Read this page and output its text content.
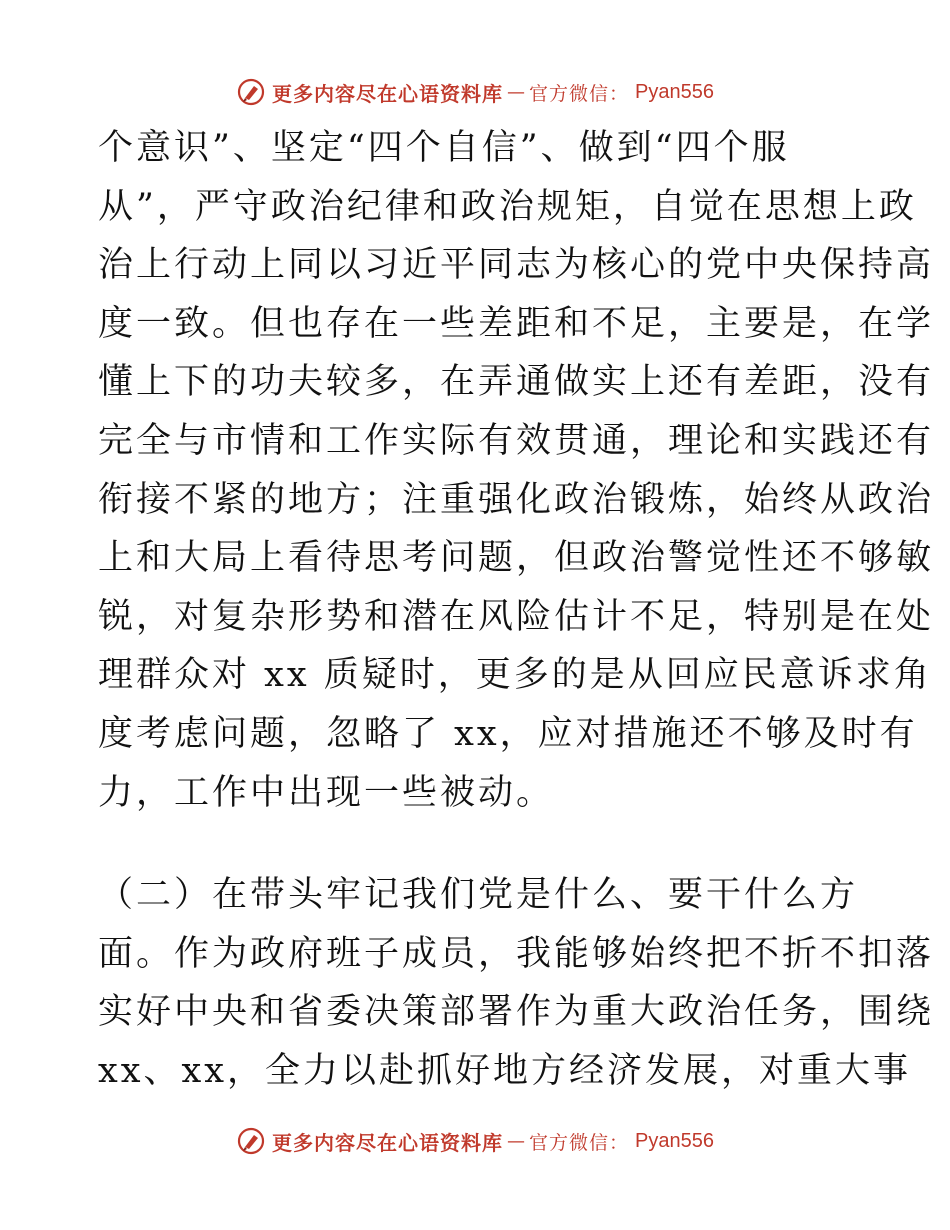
更多内容尽在心语资料库 — 官方微信： Pyan556
个意识”、坚定“四个自信”、做到“四个服
从”，严守政治纪律和政治规矩，自觉在思想上政
治上行动上同以习近平同志为核心的党中央保持高
度一致。但也存在一些差距和不足，主要是，在学
懂上下的功夫较多，在弄通做实上还有差距，没有
完全与市情和工作实际有效贯通，理论和实践还有
衔接不紧的地方；注重强化政治锻炼，始终从政治
上和大局上看待思考问题，但政治警觉性还不够敏
锐，对复杂形势和潜在风险估计不足，特别是在处
理群众对 xx 质疑时，更多的是从回应民意诉求角
度考虑问题，忽略了 xx，应对措施还不够及时有
力，工作中出现一些被动。
（二）在带头牢记我们党是什么、要干什么方
面。作为政府班子成员，我能够始终把不折不扣落
实好中央和省委决策部署作为重大政治任务，围绕
xx、xx，全力以赴抓好地方经济发展，对重大事
更多内容尽在心语资料库 — 官方微信： Pyan556
